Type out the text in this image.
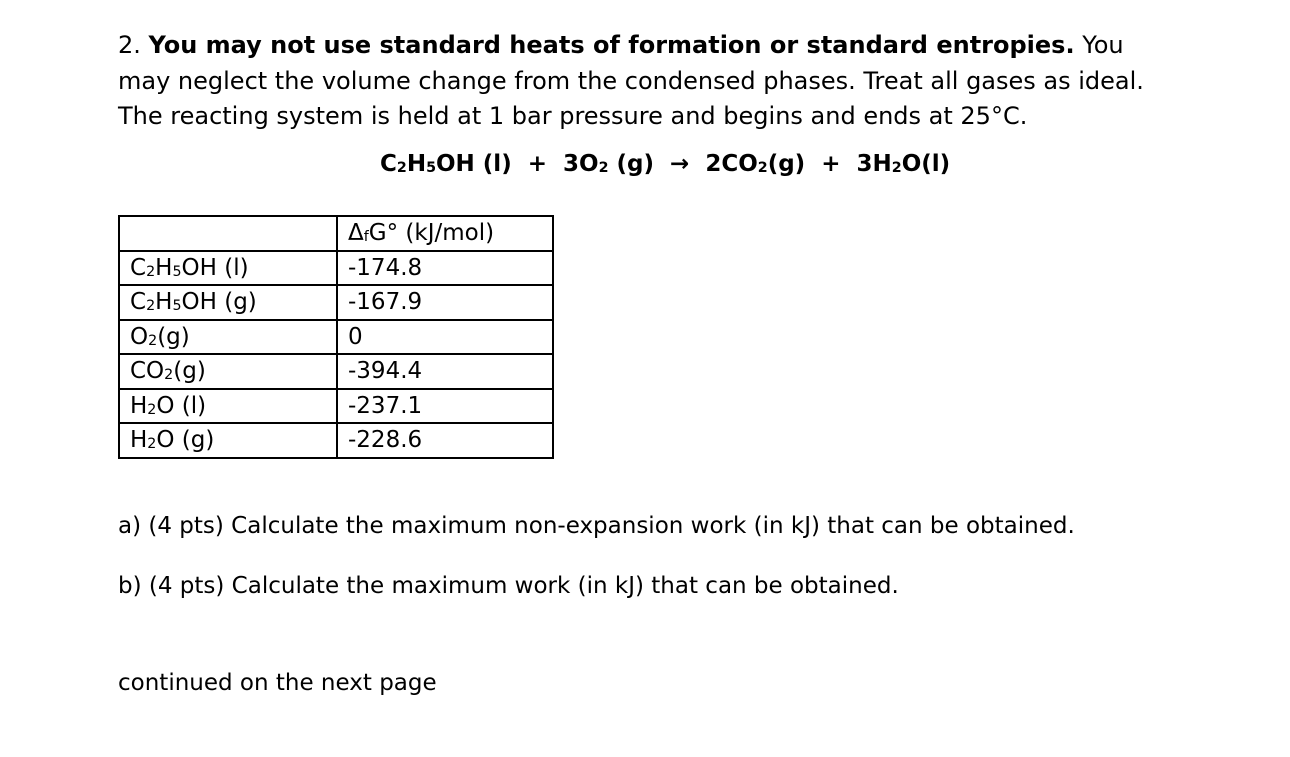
2. You may not use standard heats of formation or standard entropies. You may neglect the volume change from the condensed phases. Treat all gases as ideal. The reacting system is held at 1 bar pressure and begins and ends at 25°C.
C2H5OH (l) + 3O2 (g) → 2CO2(g) + 3H2O(l)
	ΔfG° (kJ/mol)
C2H5OH (l)	-174.8
C2H5OH (g)	-167.9
O2(g)	0
CO2(g)	-394.4
H2O (l)	-237.1
H2O (g)	-228.6
a) (4 pts) Calculate the maximum non-expansion work (in kJ) that can be obtained.
b) (4 pts) Calculate the maximum work (in kJ) that can be obtained.
continued on the next page
